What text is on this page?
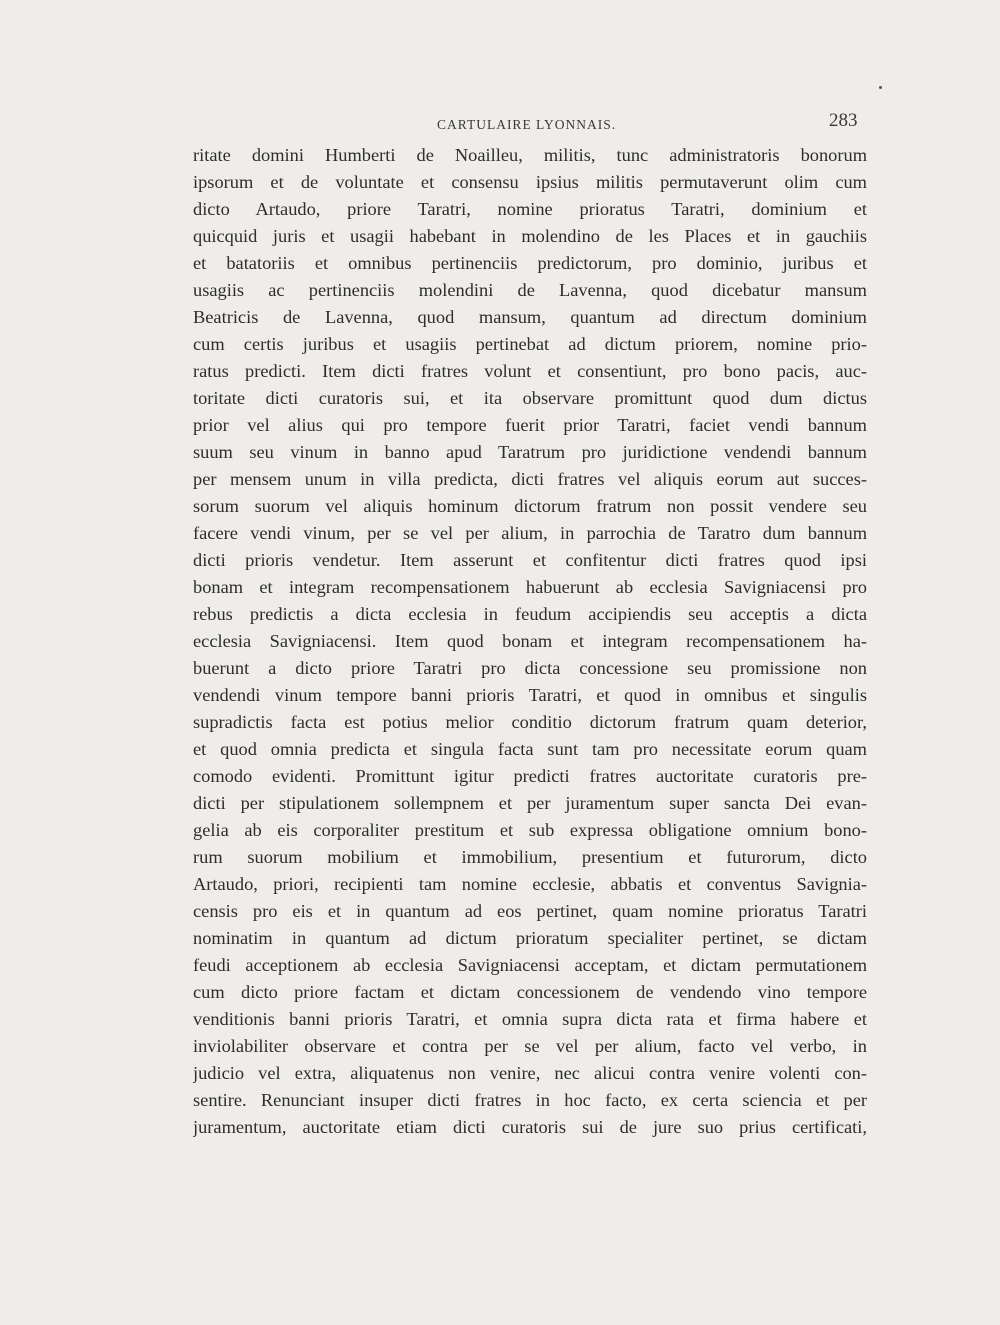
CARTULAIRE LYONNAIS.	283
ritate domini Humberti de Noailleu, militis, tunc administratoris bonorum
ipsorum et de voluntate et consensu ipsius militis permutaverunt olim cum
dicto Artaudo, priore Taratri, nomine prioratus Taratri, dominium et
quicquid juris et usagii habebant in molendino de les Places et in gauchiis
et batatoriis et omnibus pertinenciis predictorum, pro dominio, juribus et
usagiis ac pertinenciis molendini de Lavenna, quod dicebatur mansum
Beatricis de Lavenna, quod mansum, quantum ad directum dominium
cum certis juribus et usagiis pertinebat ad dictum priorem, nomine prio-
ratus predicti. Item dicti fratres volunt et consentiunt, pro bono pacis, auc-
toritate dicti curatoris sui, et ita observare promittunt quod dum dictus
prior vel alius qui pro tempore fuerit prior Taratri, faciet vendi bannum
suum seu vinum in banno apud Taratrum pro juridictione vendendi bannum
per mensem unum in villa predicta, dicti fratres vel aliquis eorum aut succes-
sorum suorum vel aliquis hominum dictorum fratrum non possit vendere seu
facere vendi vinum, per se vel per alium, in parrochia de Taratro dum bannum
dicti prioris vendetur. Item asserunt et confitentur dicti fratres quod ipsi
bonam et integram recompensationem habuerunt ab ecclesia Savigniacensi pro
rebus predictis a dicta ecclesia in feudum accipiendis seu acceptis a dicta
ecclesia Savigniacensi. Item quod bonam et integram recompensationem ha-
buerunt a dicto priore Taratri pro dicta concessione seu promissione non
vendendi vinum tempore banni prioris Taratri, et quod in omnibus et singulis
supradictis facta est potius melior conditio dictorum fratrum quam deterior,
et quod omnia predicta et singula facta sunt tam pro necessitate eorum quam
comodo evidenti. Promittunt igitur predicti fratres auctoritate curatoris pre-
dicti per stipulationem sollempnem et per juramentum super sancta Dei evan-
gelia ab eis corporaliter prestitum et sub expressa obligatione omnium bono-
rum suorum mobilium et immobilium, presentium et futurorum, dicto
Artaudo, priori, recipienti tam nomine ecclesie, abbatis et conventus Savignia-
censis pro eis et in quantum ad eos pertinet, quam nomine prioratus Taratri
nominatim in quantum ad dictum prioratum specialiter pertinet, se dictam
feudi acceptionem ab ecclesia Savigniacensi acceptam, et dictam permutationem
cum dicto priore factam et dictam concessionem de vendendo vino tempore
venditionis banni prioris Taratri, et omnia supra dicta rata et firma habere et
inviolabiliter observare et contra per se vel per alium, facto vel verbo, in
judicio vel extra, aliquatenus non venire, nec alicui contra venire volenti con-
sentire. Renunciant insuper dicti fratres in hoc facto, ex certa sciencia et per
juramentum, auctoritate etiam dicti curatoris sui de jure suo prius certificati,
